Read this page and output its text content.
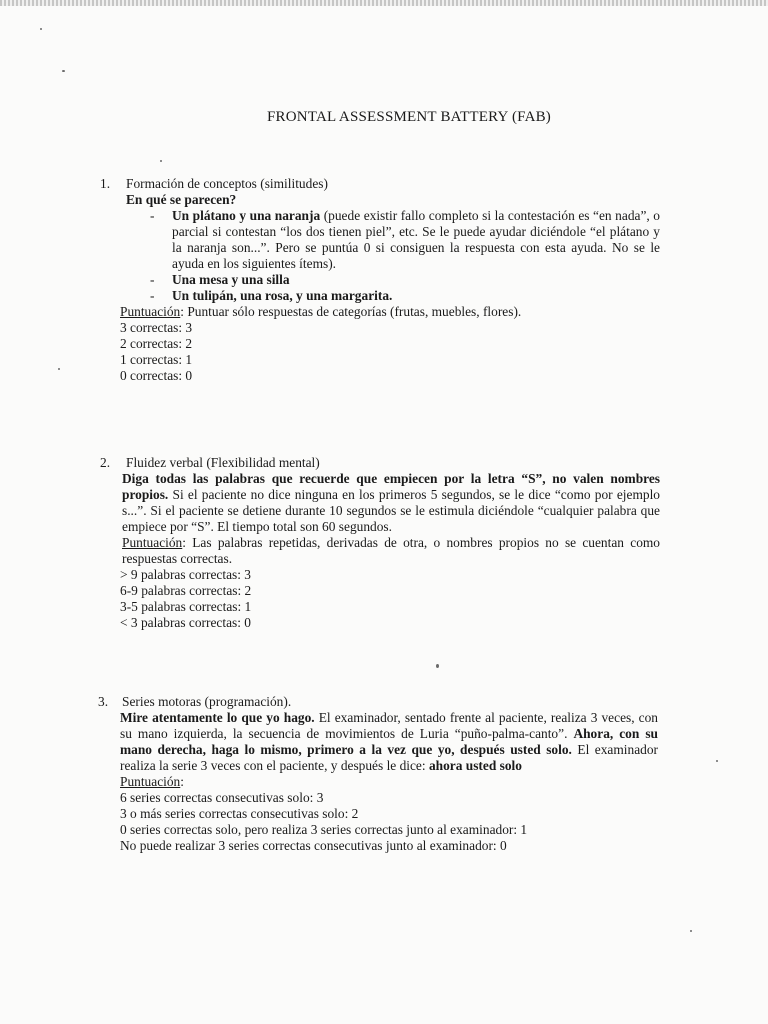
FRONTAL ASSESSMENT BATTERY (FAB)
1.	Formación de conceptos (similitudes)
En qué se parecen?
-	Un plátano y una naranja (puede existir fallo completo si la contestación es “en nada”, o parcial si contestan “los dos tienen piel”, etc. Se le puede ayudar diciéndole “el plátano y la naranja son...”. Pero se puntúa 0 si consiguen la respuesta con esta ayuda. No se le ayuda en los siguientes ítems).
-	Una mesa y una silla
-	Un tulipán, una rosa, y una margarita.
Puntuación: Puntuar sólo respuestas de categorías (frutas, muebles, flores).
3 correctas: 3
2 correctas: 2
1 correctas: 1
0 correctas: 0
2.	Fluidez verbal (Flexibilidad mental)
Diga todas las palabras que recuerde que empiecen por la letra “S”, no valen nombres propios. Si el paciente no dice ninguna en los primeros 5 segundos, se le dice “como por ejemplo s...”. Si el paciente se detiene durante 10 segundos se le estimula diciéndole “cualquier palabra que empiece por “S”. El tiempo total son 60 segundos.
Puntuación: Las palabras repetidas, derivadas de otra, o nombres propios no se cuentan como respuestas correctas.
> 9 palabras correctas: 3
6-9 palabras correctas: 2
3-5 palabras correctas: 1
< 3 palabras correctas: 0
3.	Series motoras (programación).
Mire atentamente lo que yo hago. El examinador, sentado frente al paciente, realiza 3 veces, con su mano izquierda, la secuencia de movimientos de Luria “puño-palma-canto”. Ahora, con su mano derecha, haga lo mismo, primero a la vez que yo, después usted solo. El examinador realiza la serie 3 veces con el paciente, y después le dice: ahora usted solo
Puntuación:
6 series correctas consecutivas solo: 3
3 o más series correctas consecutivas solo: 2
0 series correctas solo, pero realiza 3 series correctas junto al examinador: 1
No puede realizar 3 series correctas consecutivas junto al examinador: 0
